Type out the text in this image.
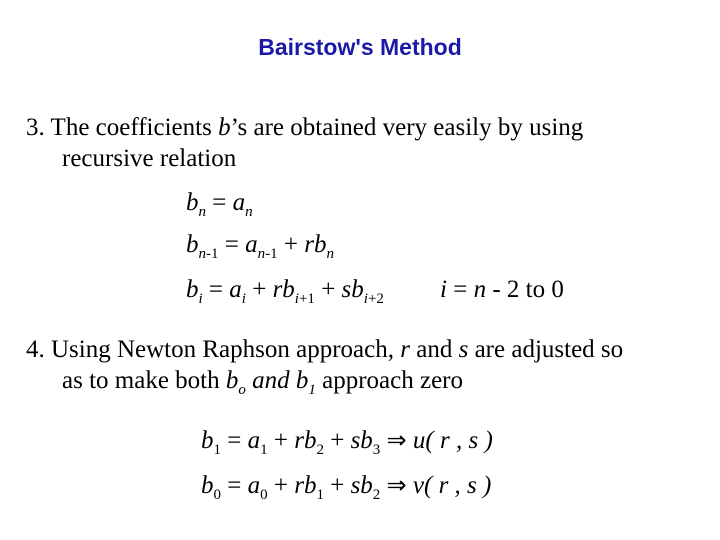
Bairstow's Method
3. The coefficients b’s are obtained very easily by using
recursive relation
$b_n = a_n$
$b_{n-1} = a_{n-1} + rb_n$
$b_i = a_i + rb_{i+1} + sb_{i+2}$ i = n - 2 to 0
4. Using Newton Raphson approach, r and s are adjusted so
as to make both $b_o$ and $b_1$ approach zero
$b_1 = a_1 + rb_2 + sb_3$ ⇒ u( r , s )
$b_0 = a_0 + rb_1 + sb_2$ ⇒ v( r , s )
